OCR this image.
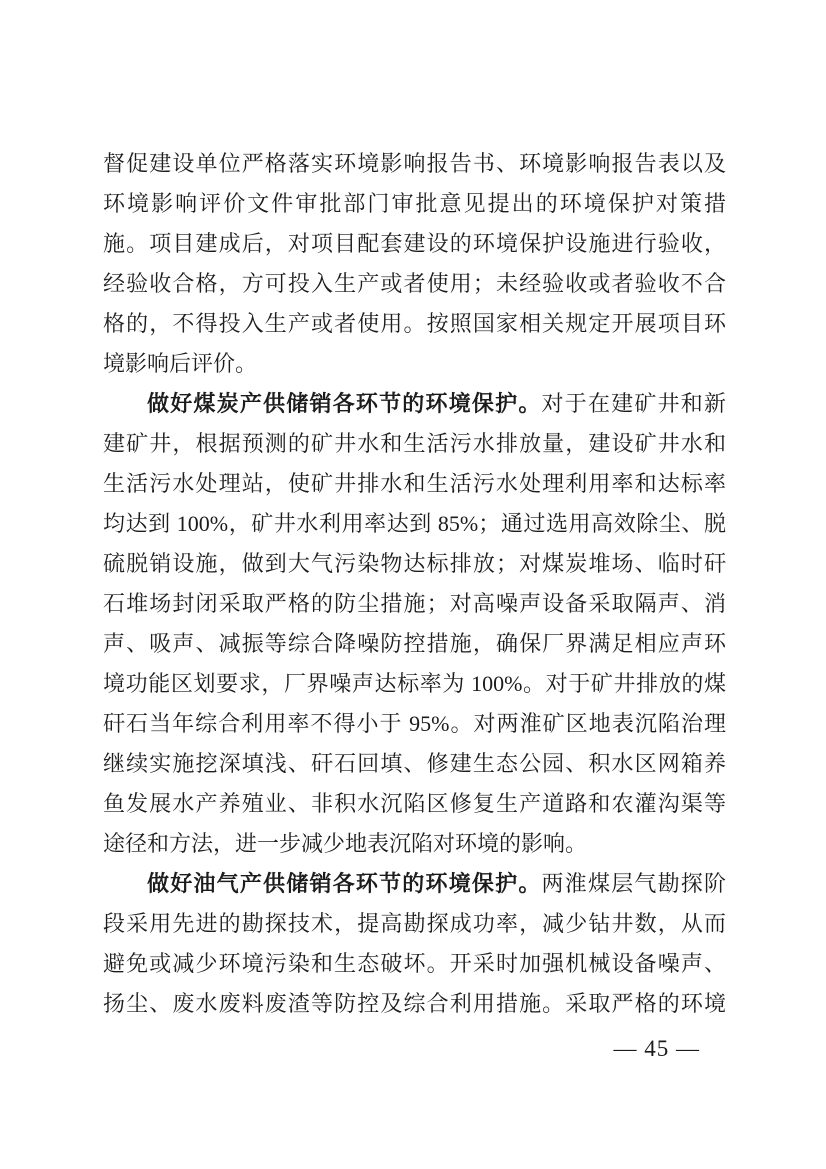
督促建设单位严格落实环境影响报告书、环境影响报告表以及
环境影响评价文件审批部门审批意见提出的环境保护对策措
施。项目建成后，对项目配套建设的环境保护设施进行验收，
经验收合格，方可投入生产或者使用；未经验收或者验收不合
格的，不得投入生产或者使用。按照国家相关规定开展项目环
境影响后评价。
做好煤炭产供储销各环节的环境保护。对于在建矿井和新
建矿井，根据预测的矿井水和生活污水排放量，建设矿井水和
生活污水处理站，使矿井排水和生活污水处理利用率和达标率
均达到 100%，矿井水利用率达到 85%；通过选用高效除尘、脱
硫脱销设施，做到大气污染物达标排放；对煤炭堆场、临时矸
石堆场封闭采取严格的防尘措施；对高噪声设备采取隔声、消
声、吸声、减振等综合降噪防控措施，确保厂界满足相应声环
境功能区划要求，厂界噪声达标率为 100%。对于矿井排放的煤
矸石当年综合利用率不得小于 95%。对两淮矿区地表沉陷治理
继续实施挖深填浅、矸石回填、修建生态公园、积水区网箱养
鱼发展水产养殖业、非积水沉陷区修复生产道路和农灌沟渠等
途径和方法，进一步减少地表沉陷对环境的影响。
做好油气产供储销各环节的环境保护。两淮煤层气勘探阶
段采用先进的勘探技术，提高勘探成功率，减少钻井数，从而
避免或减少环境污染和生态破坏。开采时加强机械设备噪声、
扬尘、废水废料废渣等防控及综合利用措施。采取严格的环境
— 45 —
